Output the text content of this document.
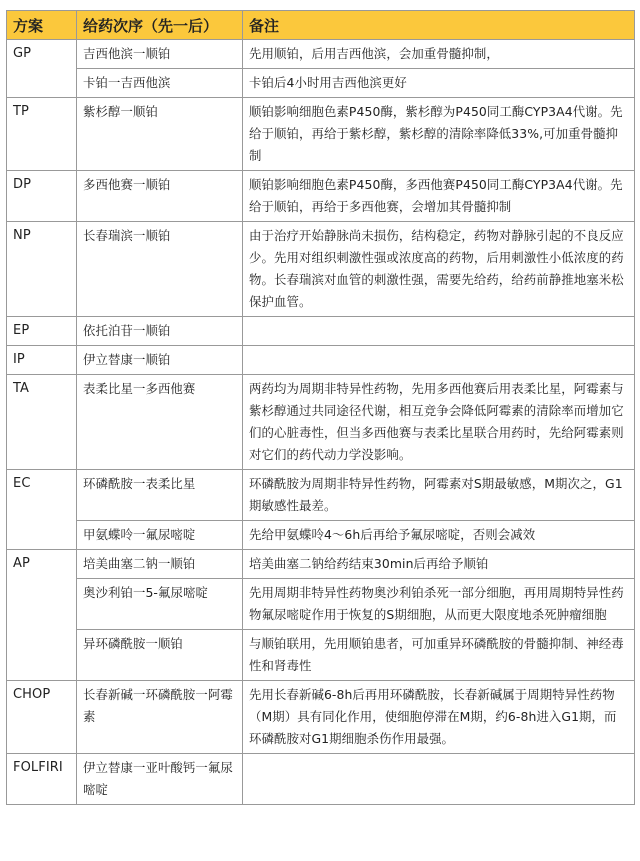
方案	给药次序（先一后）	备注
GP	吉西他滨一顺铂	先用顺铂，后用吉西他滨，会加重骨髓抑制，
	卡铂一吉西他滨	卡铂后4小时用吉西他滨更好
TP	紫杉醇一顺铂	顺铂影响细胞色素P450酶，紫杉醇为P450同工酶CYP3A4代谢。先给于顺铂，再给于紫杉醇，紫杉醇的清除率降低33%,可加重骨髓抑制
DP	多西他赛一顺铂	顺铂影响细胞色素P450酶，多西他赛P450同工酶CYP3A4代谢。先给于顺铂，再给于多西他赛，会增加其骨髓抑制
NP	长春瑞滨一顺铂	由于治疗开始静脉尚未损伤，结构稳定，药物对静脉引起的不良反应少。先用对组织刺激性强或浓度高的药物，后用刺激性小低浓度的药物。长春瑞滨对血管的刺激性强，需要先给药，给药前静推地塞米松保护血管。
EP	依托泊苷一顺铂	
IP	伊立替康一顺铂	
TA	表柔比星一多西他赛	两药均为周期非特异性药物，先用多西他赛后用表柔比星，阿霉素与紫杉醇通过共同途径代谢，相互竞争会降低阿霉素的清除率而增加它们的心脏毒性，但当多西他赛与表柔比星联合用药时，先给阿霉素则对它们的药代动力学没影响。
EC	环磷酰胺一表柔比星	环磷酰胺为周期非特异性药物，阿霉素对S期最敏感，M期次之，G1期敏感性最差。
	甲氨蝶呤一氟尿嘧啶	先给甲氨蝶呤4～6h后再给予氟尿嘧啶，否则会减效
AP	培美曲塞二钠一顺铂	培美曲塞二钠给药结束30min后再给予顺铂
	奥沙利铂一5-氟尿嘧啶	先用周期非特异性药物奥沙利铂杀死一部分细胞，再用周期特异性药物氟尿嘧啶作用于恢复的S期细胞，从而更大限度地杀死肿瘤细胞
	异环磷酰胺一顺铂	与顺铂联用，先用顺铂患者，可加重异环磷酰胺的骨髓抑制、神经毒性和肾毒性
CHOP	长春新碱一环磷酰胺一阿霉素	先用长春新碱6-8h后再用环磷酰胺，长春新碱属于周期特异性药物（M期）具有同化作用，使细胞停滞在M期，约6-8h进入G1期，而环磷酰胺对G1期细胞杀伤作用最强。
FOLFIRI	伊立替康一亚叶酸钙一氟尿嘧啶	
